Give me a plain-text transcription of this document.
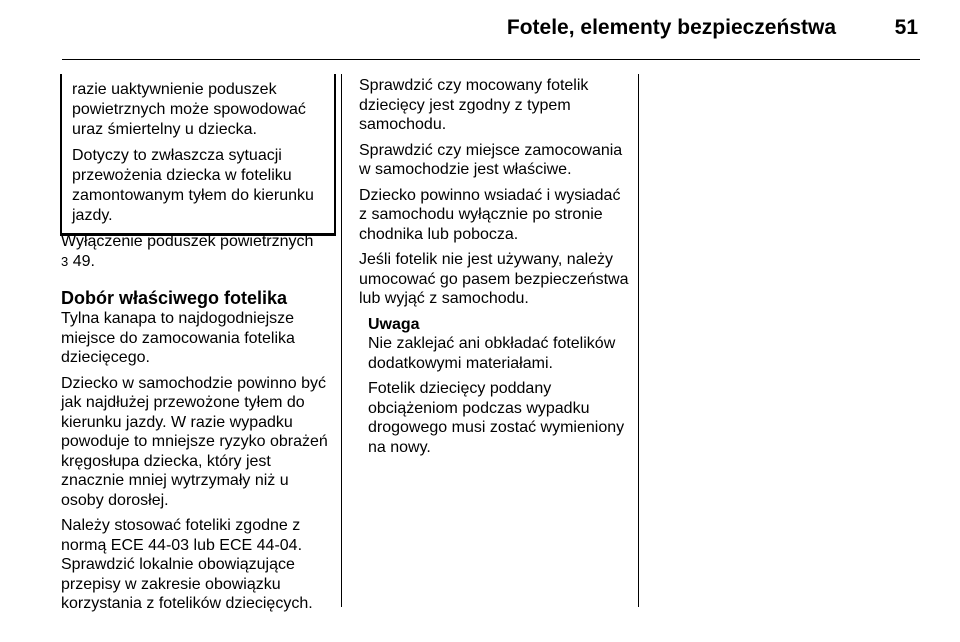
Fotele, elementy bezpieczeństwa	51

razie uaktywnienie poduszek powietrznych może spowodować uraz śmiertelny u dziecka.

Dotyczy to zwłaszcza sytuacji przewożenia dziecka w foteliku zamontowanym tyłem do kierunku jazdy.

Wyłączenie poduszek powietrznych
3 49.

Dobór właściwego fotelika

Tylna kanapa to najdogodniejsze miejsce do zamocowania fotelika dziecięcego.

Dziecko w samochodzie powinno być jak najdłużej przewożone tyłem do kierunku jazdy. W razie wypadku powoduje to mniejsze ryzyko obrażeń kręgosłupa dziecka, który jest znacznie mniej wytrzymały niż u osoby dorosłej.

Należy stosować foteliki zgodne z normą ECE 44-03 lub ECE 44-04. Sprawdzić lokalnie obowiązujące przepisy w zakresie obowiązku korzystania z fotelików dziecięcych.

Sprawdzić czy mocowany fotelik dziecięcy jest zgodny z typem samochodu.

Sprawdzić czy miejsce zamocowania w samochodzie jest właściwe.

Dziecko powinno wsiadać i wysiadać z samochodu wyłącznie po stronie chodnika lub pobocza.

Jeśli fotelik nie jest używany, należy umocować go pasem bezpieczeństwa lub wyjąć z samochodu.

Uwaga

Nie zaklejać ani obkładać fotelików dodatkowymi materiałami.

Fotelik dziecięcy poddany obciążeniom podczas wypadku drogowego musi zostać wymieniony na nowy.
